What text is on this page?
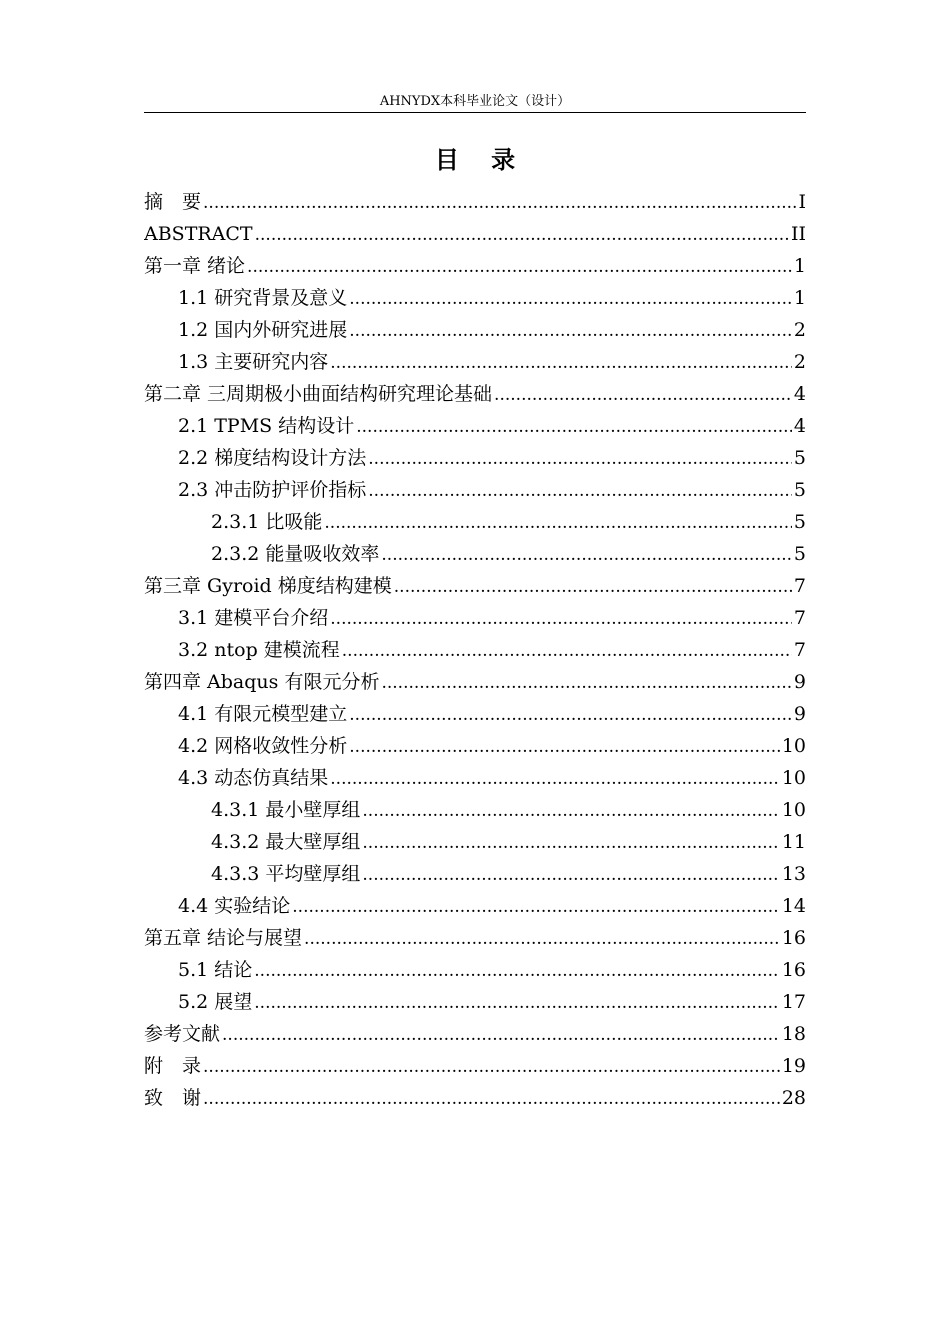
AHNYDX本科毕业论文（设计）
目 录
摘　要 .....	I
ABSTRACT .....	II
第一章 绪论 .....	1
1.1 研究背景及意义 .....	1
1.2 国内外研究进展 .....	2
1.3 主要研究内容 .....	2
第二章 三周期极小曲面结构研究理论基础 .....	4
2.1 TPMS 结构设计 .....	4
2.2 梯度结构设计方法 .....	5
2.3 冲击防护评价指标 .....	5
2.3.1 比吸能 .....	5
2.3.2 能量吸收效率 .....	5
第三章 Gyroid 梯度结构建模 .....	7
3.1 建模平台介绍 .....	7
3.2 ntop 建模流程 .....	7
第四章 Abaqus 有限元分析 .....	9
4.1 有限元模型建立 .....	9
4.2 网格收敛性分析 .....	10
4.3 动态仿真结果 .....	10
4.3.1 最小壁厚组 .....	10
4.3.2 最大壁厚组 .....	11
4.3.3 平均壁厚组 .....	13
4.4 实验结论 .....	14
第五章 结论与展望 .....	16
5.1 结论 .....	16
5.2 展望 .....	17
参考文献 .....	18
附　录 .....	19
致　谢 .....	28
